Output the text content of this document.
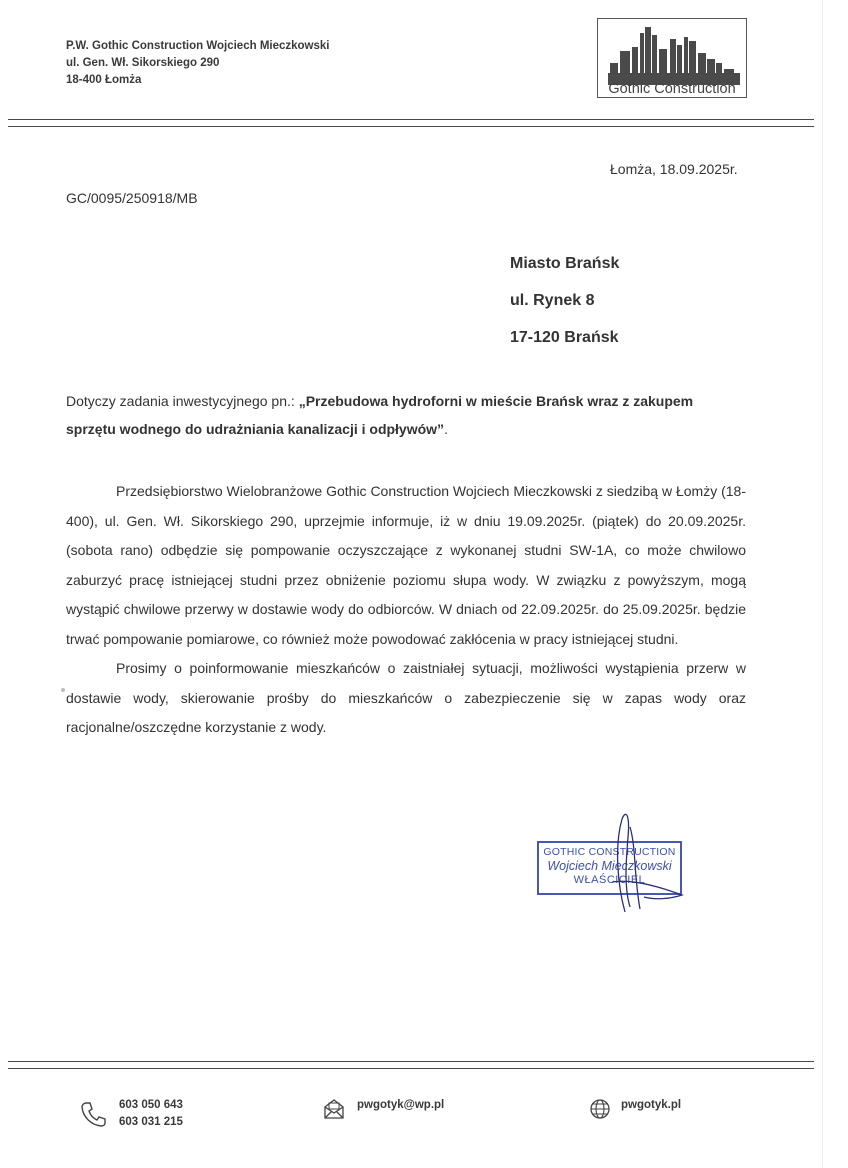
P.W. Gothic Construction Wojciech Mieczkowski
ul. Gen. Wł. Sikorskiego 290
18-400 Łomża
Gothic Construction
Łomża, 18.09.2025r.
GC/0095/250918/MB
Miasto Brańsk
ul. Rynek 8
17-120 Brańsk
Dotyczy zadania inwestycyjnego pn.: „Przebudowa hydroforni w mieście Brańsk wraz z zakupem sprzętu wodnego do udrażniania kanalizacji i odpływów”.

Przedsiębiorstwo Wielobranżowe Gothic Construction Wojciech Mieczkowski z siedzibą w Łomży (18-400), ul. Gen. Wł. Sikorskiego 290, uprzejmie informuje, iż w dniu 19.09.2025r. (piątek) do 20.09.2025r. (sobota rano) odbędzie się pompowanie oczyszczające z wykonanej studni SW-1A, co może chwilowo zaburzyć pracę istniejącej studni przez obniżenie poziomu słupa wody. W związku z powyższym, mogą wystąpić chwilowe przerwy w dostawie wody do odbiorców. W dniach od 22.09.2025r. do 25.09.2025r. będzie trwać pompowanie pomiarowe, co również może powodować zakłócenia w pracy istniejącej studni.

Prosimy o poinformowanie mieszkańców o zaistniałej sytuacji, możliwości wystąpienia przerw w dostawie wody, skierowanie prośby do mieszkańców o zabezpieczenie się w zapas wody oraz racjonalne/oszczędne korzystanie z wody.

GOTHIC CONSTRUCTION
Wojciech Mieczkowski
WŁAŚCICIEL
603 050 643
603 031 215
pwgotyk@wp.pl	pwgotyk.pl
